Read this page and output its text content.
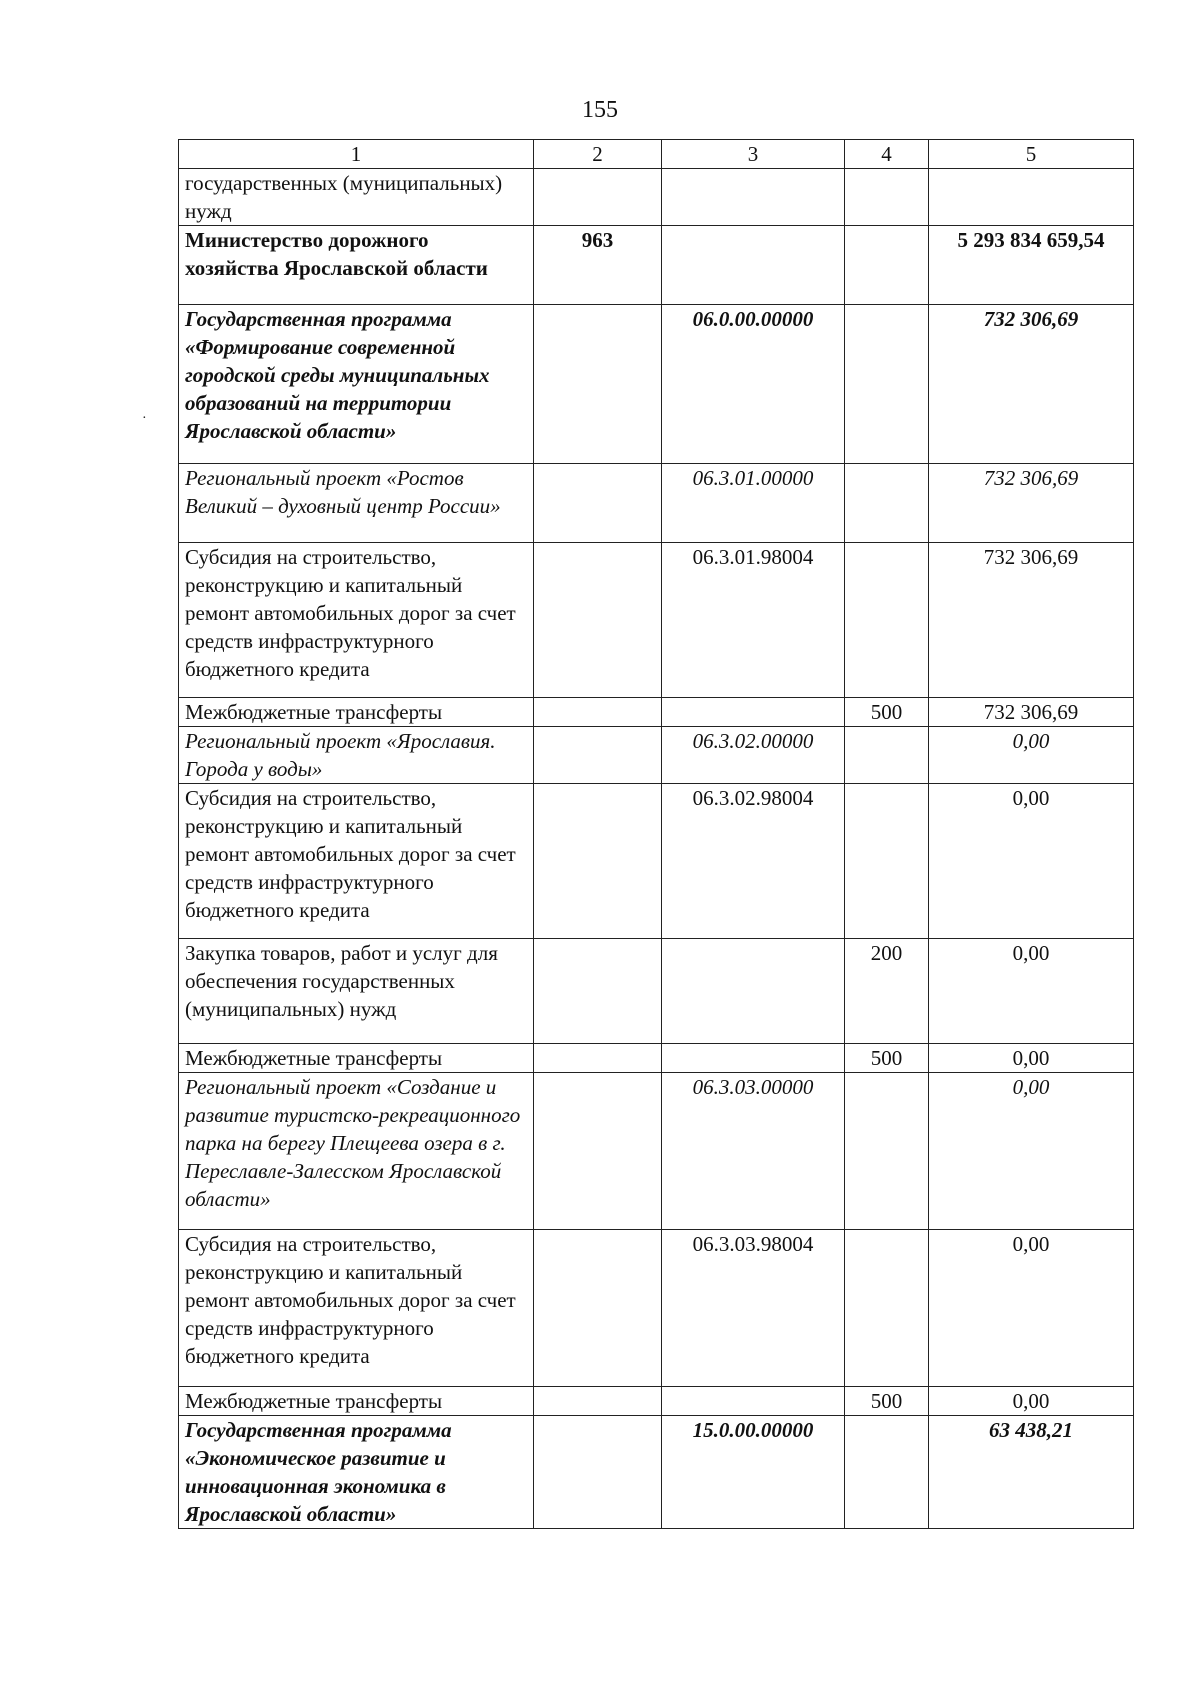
155
·
1	2	3	4	5
государственных (муниципальных) нужд				
Министерство дорожного хозяйства Ярославской области	963			5 293 834 659,54
Государственная программа «Формирование современной городской среды муниципальных образований на территории Ярославской области»		06.0.00.00000		732 306,69
Региональный проект «Ростов Великий – духовный центр России»		06.3.01.00000		732 306,69
Субсидия на строительство, реконструкцию и капитальный ремонт автомобильных дорог за счет средств инфраструктурного бюджетного кредита		06.3.01.98004		732 306,69
Межбюджетные трансферты			500	732 306,69
Региональный проект «Ярославия. Города у воды»		06.3.02.00000		0,00
Субсидия на строительство, реконструкцию и капитальный ремонт автомобильных дорог за счет средств инфраструктурного бюджетного кредита		06.3.02.98004		0,00
Закупка товаров, работ и услуг для обеспечения государственных (муниципальных) нужд			200	0,00
Межбюджетные трансферты			500	0,00
Региональный проект «Создание и развитие туристско-рекреационного парка на берегу Плещеева озера в г. Переславле-Залесском Ярославской области»		06.3.03.00000		0,00
Субсидия на строительство, реконструкцию и капитальный ремонт автомобильных дорог за счет средств инфраструктурного бюджетного кредита		06.3.03.98004		0,00
Межбюджетные трансферты			500	0,00
Государственная программа «Экономическое развитие и инновационная экономика в Ярославской области»		15.0.00.00000		63 438,21
